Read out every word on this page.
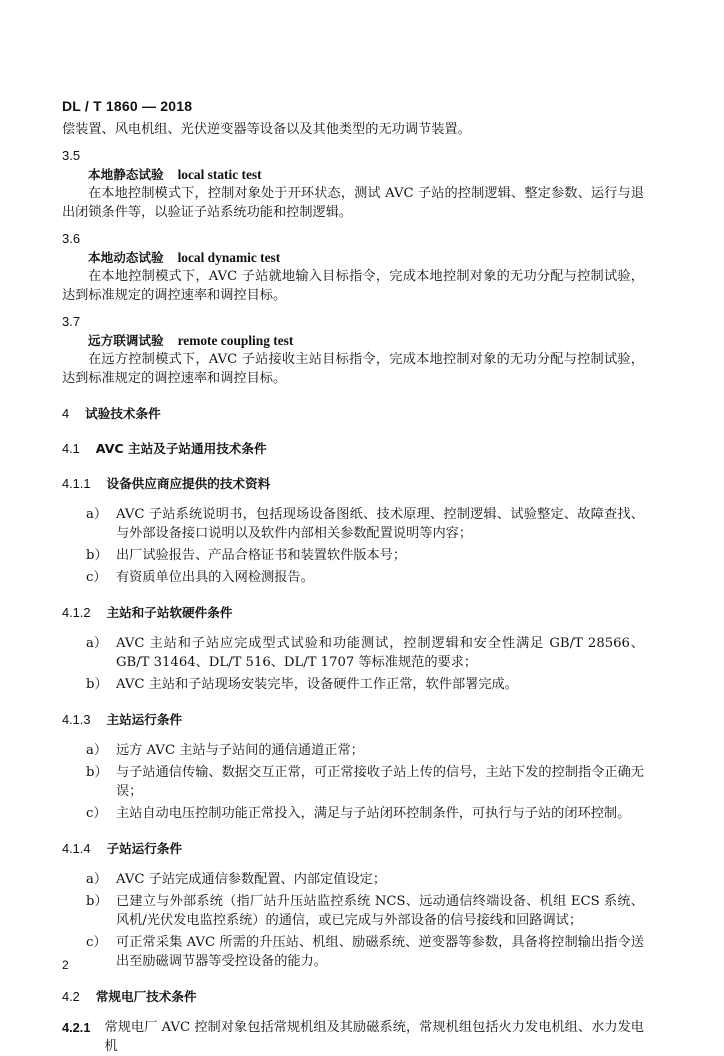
DL / T 1860 — 2018

偿装置、风电机组、光伏逆变器等设备以及其他类型的无功调节装置。

3.5

本地静态试验 local static test

在本地控制模式下，控制对象处于开环状态，测试 AVC 子站的控制逻辑、整定参数、运行与退出闭锁条件等，以验证子站系统功能和控制逻辑。

3.6

本地动态试验 local dynamic test

在本地控制模式下，AVC 子站就地输入目标指令，完成本地控制对象的无功分配与控制试验，达到标准规定的调控速率和调控目标。

3.7

远方联调试验 remote coupling test

在远方控制模式下，AVC 子站接收主站目标指令，完成本地控制对象的无功分配与控制试验，达到标准规定的调控速率和调控目标。

4 试验技术条件

4.1 AVC 主站及子站通用技术条件

4.1.1 设备供应商应提供的技术资料

a） AVC 子站系统说明书，包括现场设备图纸、技术原理、控制逻辑、试验整定、故障查找、与外部设备接口说明以及软件内部相关参数配置说明等内容；
b） 出厂试验报告、产品合格证书和装置软件版本号；
c） 有资质单位出具的入网检测报告。

4.1.2 主站和子站软硬件条件

a） AVC 主站和子站应完成型式试验和功能测试，控制逻辑和安全性满足 GB/T 28566、GB/T 31464、DL/T 516、DL/T 1707 等标准规范的要求；
b） AVC 主站和子站现场安装完毕，设备硬件工作正常，软件部署完成。

4.1.3 主站运行条件

a） 远方 AVC 主站与子站间的通信通道正常；
b） 与子站通信传输、数据交互正常，可正常接收子站上传的信号，主站下发的控制指令正确无误；
c） 主站自动电压控制功能正常投入，满足与子站闭环控制条件，可执行与子站的闭环控制。

4.1.4 子站运行条件

a） AVC 子站完成通信参数配置、内部定值设定；
b） 已建立与外部系统（指厂站升压站监控系统 NCS、远动通信终端设备、机组 ECS 系统、风机/光伏发电监控系统）的通信，或已完成与外部设备的信号接线和回路调试；
c） 可正常采集 AVC 所需的升压站、机组、励磁系统、逆变器等参数，具备将控制输出指令送出至励磁调节器等受控设备的能力。

4.2 常规电厂技术条件

4.2.1 常规电厂 AVC 控制对象包括常规机组及其励磁系统，常规机组包括火力发电机组、水力发电机
2
